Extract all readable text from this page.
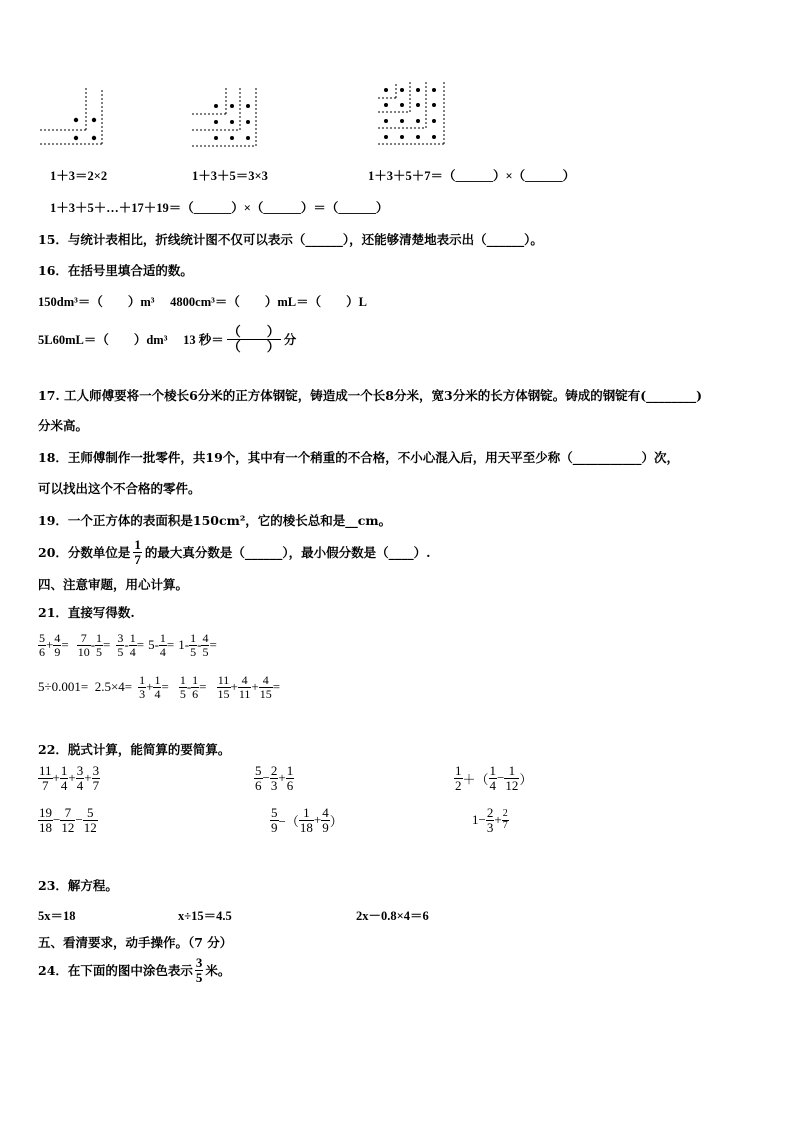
1＋3＝2×2	1＋3＋5＝3×3	1＋3＋5＋7＝（______）×（______）
1＋3＋5＋…＋17＋19＝（______）×（______）＝（______）
15．与统计表相比，折线统计图不仅可以表示（______），还能够清楚地表示出（______）。
16．在括号里填合适的数。
150dm³＝（　　）m³　 4800cm³＝（　　）mL＝（　　）L
5L60mL＝（　　）dm³　 13 秒＝ $\frac{( )}{( )}$ 分
17. 工人师傅要将一个棱长6分米的正方体钢锭，铸造成一个长8分米，宽3分米的长方体钢锭。铸成的钢锭有(________)
分米高。
18．王师傅制作一批零件，共19个，其中有一个稍重的不合格，不小心混入后，用天平至少称（___________）次，
可以找出这个不合格的零件。
19．一个正方体的表面积是150cm²，它的棱长总和是__cm。
20．分数单位是 $\frac{1}{7}$ 的最大真分数是（______），最小假分数是（____）.
四、注意审题，用心计算。
21．直接写得数.
$\frac{5}{6} + \frac{4}{9} = \frac{7}{10} - \frac{1}{5} = \frac{3}{5} - \frac{1}{4} = 5- \frac{1}{4} = 1- \frac{1}{5} - \frac{4}{5}$ =
$5\div 0.001= 2.5\times 4= \frac{1}{3} + \frac{1}{4} = \frac{1}{5} - \frac{1}{6} = \frac{11}{15} + \frac{4}{11} + \frac{4}{15}$ =
22．脱式计算，能简算的要简算。
$\frac{11}{7} + \frac{1}{4} + \frac{3}{4} + \frac{3}{7}$	$\frac{5}{6} - \frac{2}{3} + \frac{1}{6}$	$\frac{1}{2}$ ＋（ $\frac{1}{4} - \frac{1}{12}$ ）
$\frac{19}{18} - \frac{7}{12} - \frac{5}{12}$	$\frac{5}{9}$ −（ $\frac{1}{18} + \frac{4}{9}$ ）	$1- \frac{2}{3} + \frac{2}{7}$
23．解方程。
5x＝18	x÷15＝4.5	2x－0.8×4＝6
五、看清要求，动手操作。（7 分）
24．在下面的图中涂色表示 $\frac{3}{5}$ 米。
